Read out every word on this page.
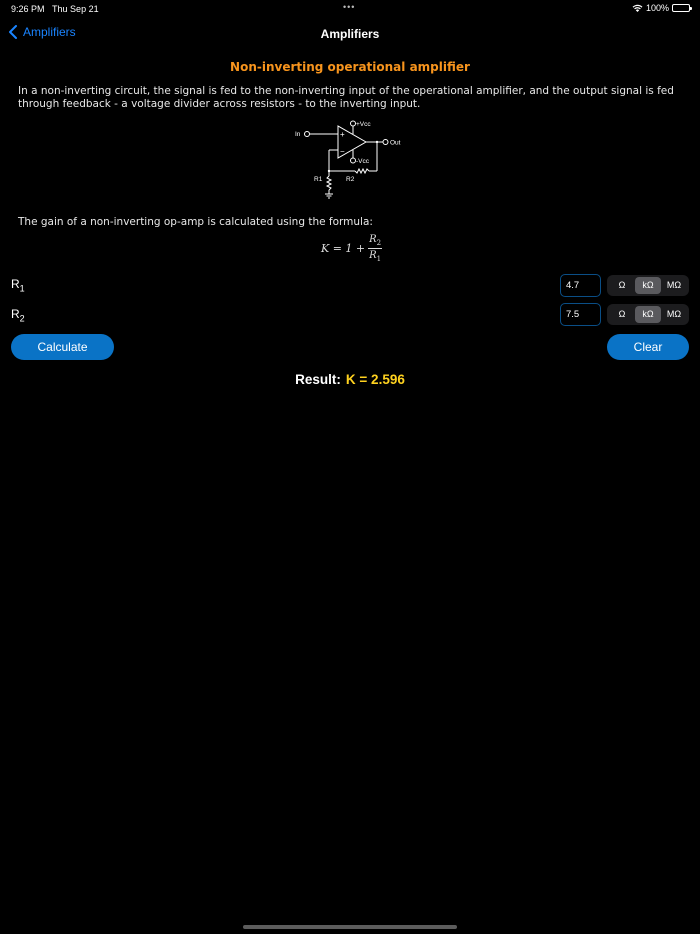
9:26 PM Thu Sep 21	•••	100%
Amplifiers	Amplifiers
Non-inverting operational amplifier
In a non-inverting circuit, the signal is fed to the non-inverting input of the operational amplifier, and the output signal is fed through feedback - a voltage divider across resistors - to the inverting input.
In
Out
+Vcc
-Vcc
R1	R2
+
−
The gain of a non-inverting op-amp is calculated using the formula:
$K = 1 + \frac{R_2}{R_1}$
$R_1$
4.7	Ω	kΩ	MΩ
$R_2$
7.5	Ω	kΩ	MΩ
Calculate	Clear
Result: K = 2.596
